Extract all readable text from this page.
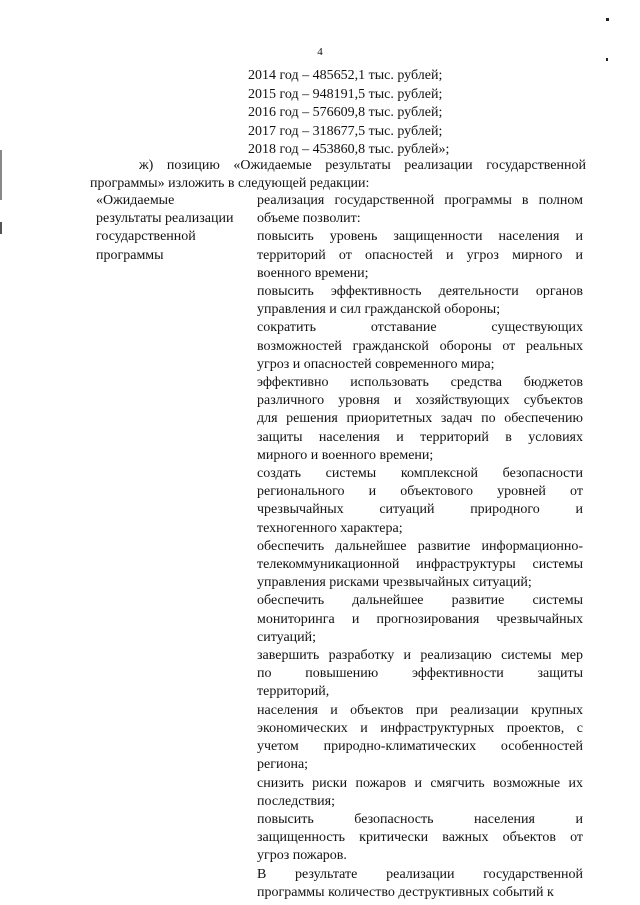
4
2014 год – 485652,1 тыс. рублей;
2015 год – 948191,5 тыс. рублей;
2016 год – 576609,8 тыс. рублей;
2017 год – 318677,5 тыс. рублей;
2018 год – 453860,8 тыс. рублей»;

ж) позицию «Ожидаемые результаты реализации государственной программы» изложить в следующей редакции:

«Ожидаемые
результаты реализации
государственной
программы

реализация государственной программы в полном

объеме позволит:

повысить уровень защищенности населения и

территорий от опасностей и угроз мирного и

военного времени;

повысить эффективность деятельности органов

управления и сил гражданской обороны;

сократить отставание существующих

возможностей гражданской обороны от реальных

угроз и опасностей современного мира;

эффективно использовать средства бюджетов

различного уровня и хозяйствующих субъектов

для решения приоритетных задач по обеспечению

защиты населения и территорий в условиях

мирного и военного времени;

создать системы комплексной безопасности

регионального и объектового уровней от

чрезвычайных ситуаций природного и

техногенного характера;

обеспечить дальнейшее развитие информационно-

телекоммуникационной инфраструктуры системы

управления рисками чрезвычайных ситуаций;

обеспечить дальнейшее развитие системы

мониторинга и прогнозирования чрезвычайных

ситуаций;

завершить разработку и реализацию системы мер

по повышению эффективности защиты

территорий,

населения и объектов при реализации крупных

экономических и инфраструктурных проектов, с

учетом природно-климатических особенностей

региона;

снизить риски пожаров и смягчить возможные их

последствия;

повысить безопасность населения и

защищенность критически важных объектов от

угроз пожаров.

В результате реализации государственной

программы количество деструктивных событий к
